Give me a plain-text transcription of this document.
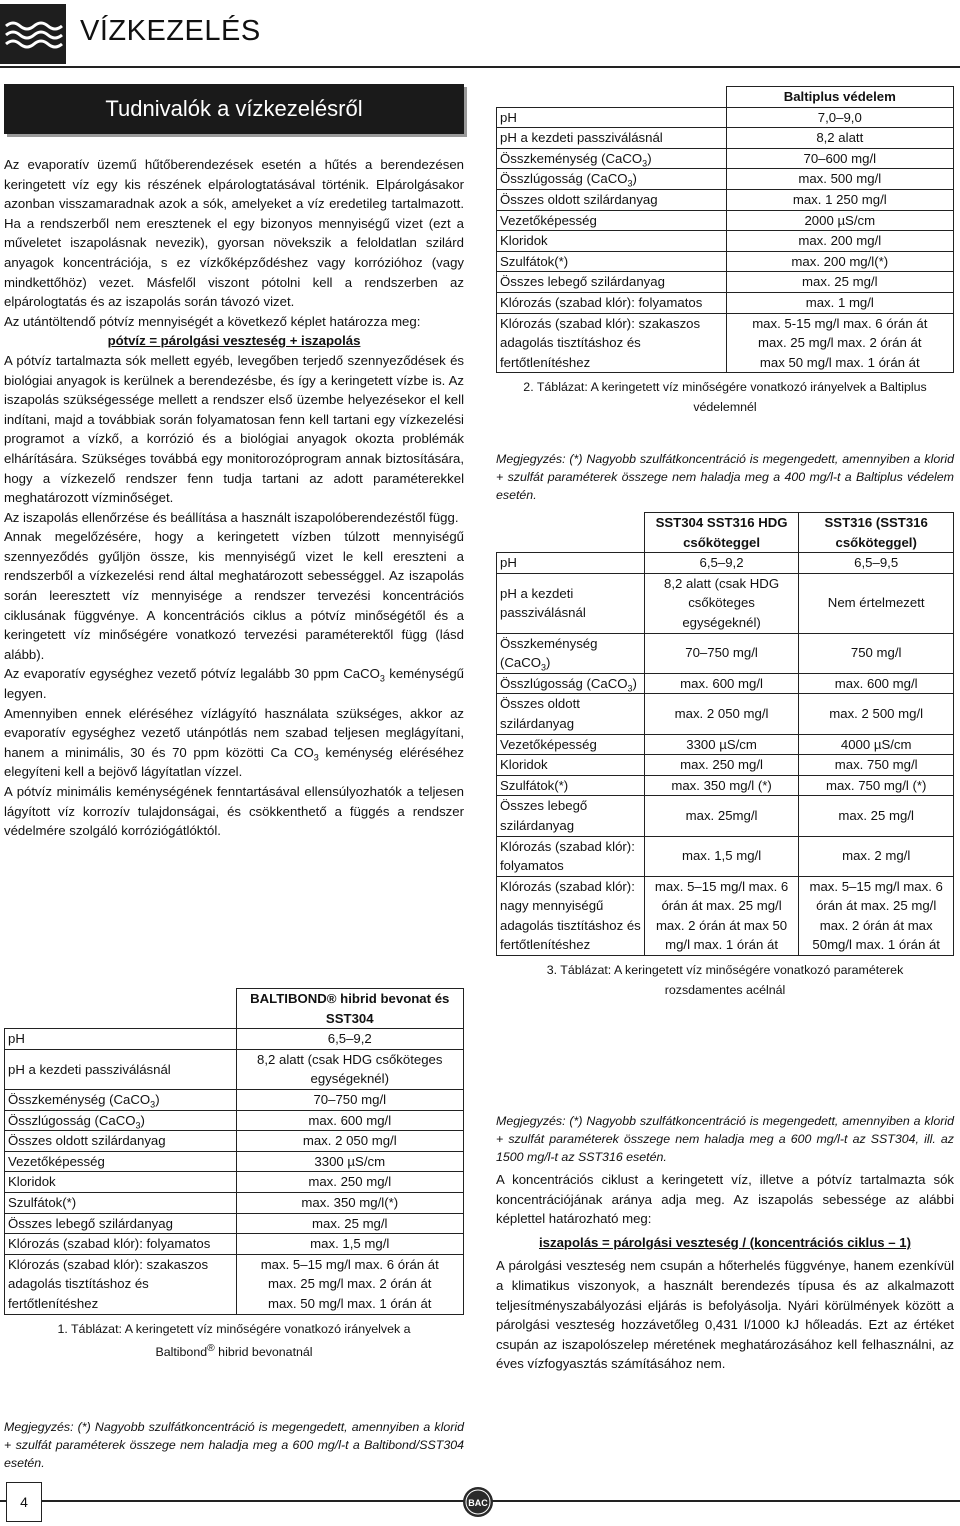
VÍZKEZELÉS
Tudnivalók a vízkezelésről

Az evaporatív üzemű hűtőberendezések esetén a hűtés a berendezésen keringetett víz egy kis részének elpárologtatásával történik. Elpárolgásakor azonban visszamaradnak azok a sók, amelyeket a víz eredetileg tartalmazott. Ha a rendszerből nem eresztenek el egy bizonyos mennyiségű vizet (ezt a műveletet iszapolásnak nevezik), gyorsan növekszik a feloldatlan szilárd anyagok koncentrációja, s ez vízkőképződéshez vagy korrózióhoz (vagy mindkettőhöz) vezet. Másfelől viszont pótolni kell a rendszerben az elpárologtatás és az iszapolás során távozó vizet.

Az utántöltendő pótvíz mennyiségét a következő képlet határozza meg:

pótvíz = párolgási veszteség + iszapolás

A pótvíz tartalmazta sók mellett egyéb, levegőben terjedő szennyeződések és biológiai anyagok is kerülnek a berendezésbe, és így a keringetett vízbe is. Az iszapolás szükségessége mellett a rendszer első üzembe helyezésekor el kell indítani, majd a továbbiak során folyamatosan fenn kell tartani egy vízkezelési programot a vízkő, a korrózió és a biológiai anyagok okozta problémák elhárítására. Szükséges továbbá egy monitorozóprogram annak biztosítására, hogy a vízkezelő rendszer fenn tudja tartani az adott paraméterekkel meghatározott vízminőséget.

Az iszapolás ellenőrzése és beállítása a használt iszapolóberendezéstől függ.

Annak megelőzésére, hogy a keringetett vízben túlzott mennyiségű szennyeződés gyűljön össze, kis mennyiségű vizet le kell ereszteni a rendszerből a vízkezelési rend által meghatározott sebességgel. Az iszapolás során leeresztett víz mennyisége a rendszer tervezési koncentrációs ciklusának függvénye. A koncentrációs ciklus a pótvíz minőségétől és a keringetett víz minőségére vonatkozó tervezési paraméterektől függ (lásd alább).

Az evaporatív egységhez vezető pótvíz legalább 30 ppm CaCO$_3$ keménységű legyen.

Amennyiben ennek eléréséhez vízlágyító használata szükséges, akkor az evaporatív egységhez vezető utánpótlás nem szabad teljesen meglágyítani, hanem a minimális, 30 és 70 ppm közötti Ca $CO_3$ keménység eléréséhez elegyíteni kell a bejövő lágyítatlan vízzel.

A pótvíz minimális keménységének fenntartásával ellensúlyozhatók a teljesen lágyított víz korrozív tulajdonságai, és csökkenthető a függés a rendszer védelmére szolgáló korróziógátlóktól.

	BALTIBOND® hibrid bevonat és SST304
pH	6,5–9,2
pH a kezdeti passziválásnál	8,2 alatt (csak HDG csőköteges egységeknél)
Összkeménység (CaCO$_3$)	70–750 mg/l
Összlúgosság (CaCO$_3$)	max. 600 mg/l
Összes oldott szilárdanyag	max. 2 050 mg/l
Vezetőképesség	3300 µS/cm
Kloridok	max. 250 mg/l
Szulfátok(*)	max. 350 mg/l(*)
Összes lebegő szilárdanyag	max. 25 mg/l
Klórozás (szabad klór): folyamatos	max. 1,5 mg/l
Klórozás (szabad klór): szakaszos adagolás tisztításhoz és fertőtlenítéshez	max. 5–15 mg/l max. 6 órán át
max. 25 mg/l max. 2 órán át
max. 50 mg/l max. 1 órán át
1. Táblázat: A keringetett víz minőségére vonatkozó irányelvek a
Baltibond® hibrid bevonatnál
Megjegyzés: (*) Nagyobb szulfátkoncentráció is megengedett, amennyiben a klorid + szulfát paraméterek összege nem haladja meg a 600 mg/l-t a Baltibond/SST304 esetén.
	Baltiplus védelem
pH	7,0–9,0
pH a kezdeti passziválásnál	8,2 alatt
Összkeménység (CaCO$_3$)	70–600 mg/l
Összlúgosság (CaCO$_3$)	max. 500 mg/l
Összes oldott szilárdanyag	max. 1 250 mg/l
Vezetőképesség	2000 µS/cm
Kloridok	max. 200 mg/l
Szulfátok(*)	max. 200 mg/l(*)
Összes lebegő szilárdanyag	max. 25 mg/l
Klórozás (szabad klór): folyamatos	max. 1 mg/l
Klórozás (szabad klór): szakaszos adagolás tisztításhoz és fertőtlenítéshez	max. 5-15 mg/l max. 6 órán át
max. 25 mg/l max. 2 órán át
max 50 mg/l max. 1 órán át
2. Táblázat: A keringetett víz minőségére vonatkozó irányelvek a Baltiplus védelemnél
Megjegyzés: (*) Nagyobb szulfátkoncentráció is megengedett, amennyiben a klorid + szulfát paraméterek összege nem haladja meg a 400 mg/l-t a Baltiplus védelem esetén.
	SST304 SST316 HDG csőköteggel	SST316 (SST316 csőköteggel)
pH	6,5–9,2	6,5–9,5
pH a kezdeti passziválásnál	8,2 alatt (csak HDG csőköteges egységeknél)	Nem értelmezett
Összkeménység (CaCO$_3$)	70–750 mg/l	750 mg/l
Összlúgosság (CaCO$_3$)	max. 600 mg/l	max. 600 mg/l
Összes oldott szilárdanyag	max. 2 050 mg/l	max. 2 500 mg/l
Vezetőképesség	3300 µS/cm	4000 µS/cm
Kloridok	max. 250 mg/l	max. 750 mg/l
Szulfátok(*)	max. 350 mg/l (*)	max. 750 mg/l (*)
Összes lebegő szilárdanyag	max. 25mg/l	max. 25 mg/l
Klórozás (szabad klór): folyamatos	max. 1,5 mg/l	max. 2 mg/l
Klórozás (szabad klór): nagy mennyiségű adagolás tisztításhoz és fertőtlenítéshez	max. 5–15 mg/l max. 6 órán át max. 25 mg/l max. 2 órán át max 50 mg/l max. 1 órán át	max. 5–15 mg/l max. 6 órán át max. 25 mg/l max. 2 órán át max 50mg/l max. 1 órán át
3. Táblázat: A keringetett víz minőségére vonatkozó paraméterek rozsdamentes acélnál
Megjegyzés: (*) Nagyobb szulfátkoncentráció is megengedett, amennyiben a klorid + szulfát paraméterek összege nem haladja meg a 600 mg/l-t az SST304, ill. az 1500 mg/l-t az SST316 esetén.

A koncentrációs ciklust a keringetett víz, illetve a pótvíz tartalmazta sók koncentrációjának aránya adja meg. Az iszapolás sebessége az alábbi képlettel határozható meg:

iszapolás = párolgási veszteség / (koncentrációs ciklus – 1)

A párolgási veszteség nem csupán a hőterhelés függvénye, hanem ezenkívül a klimatikus viszonyok, a használt berendezés típusa és az alkalmazott teljesítményszabályozási eljárás is befolyásolja. Nyári körülmények között a párolgási veszteség hozzávetőleg 0,431 l/1000 kJ hőleadás. Ezt az értéket csupán az iszapolószelep méretének meghatározásához kell felhasználni, az éves vízfogyasztás számításához nem.

4	BAC
